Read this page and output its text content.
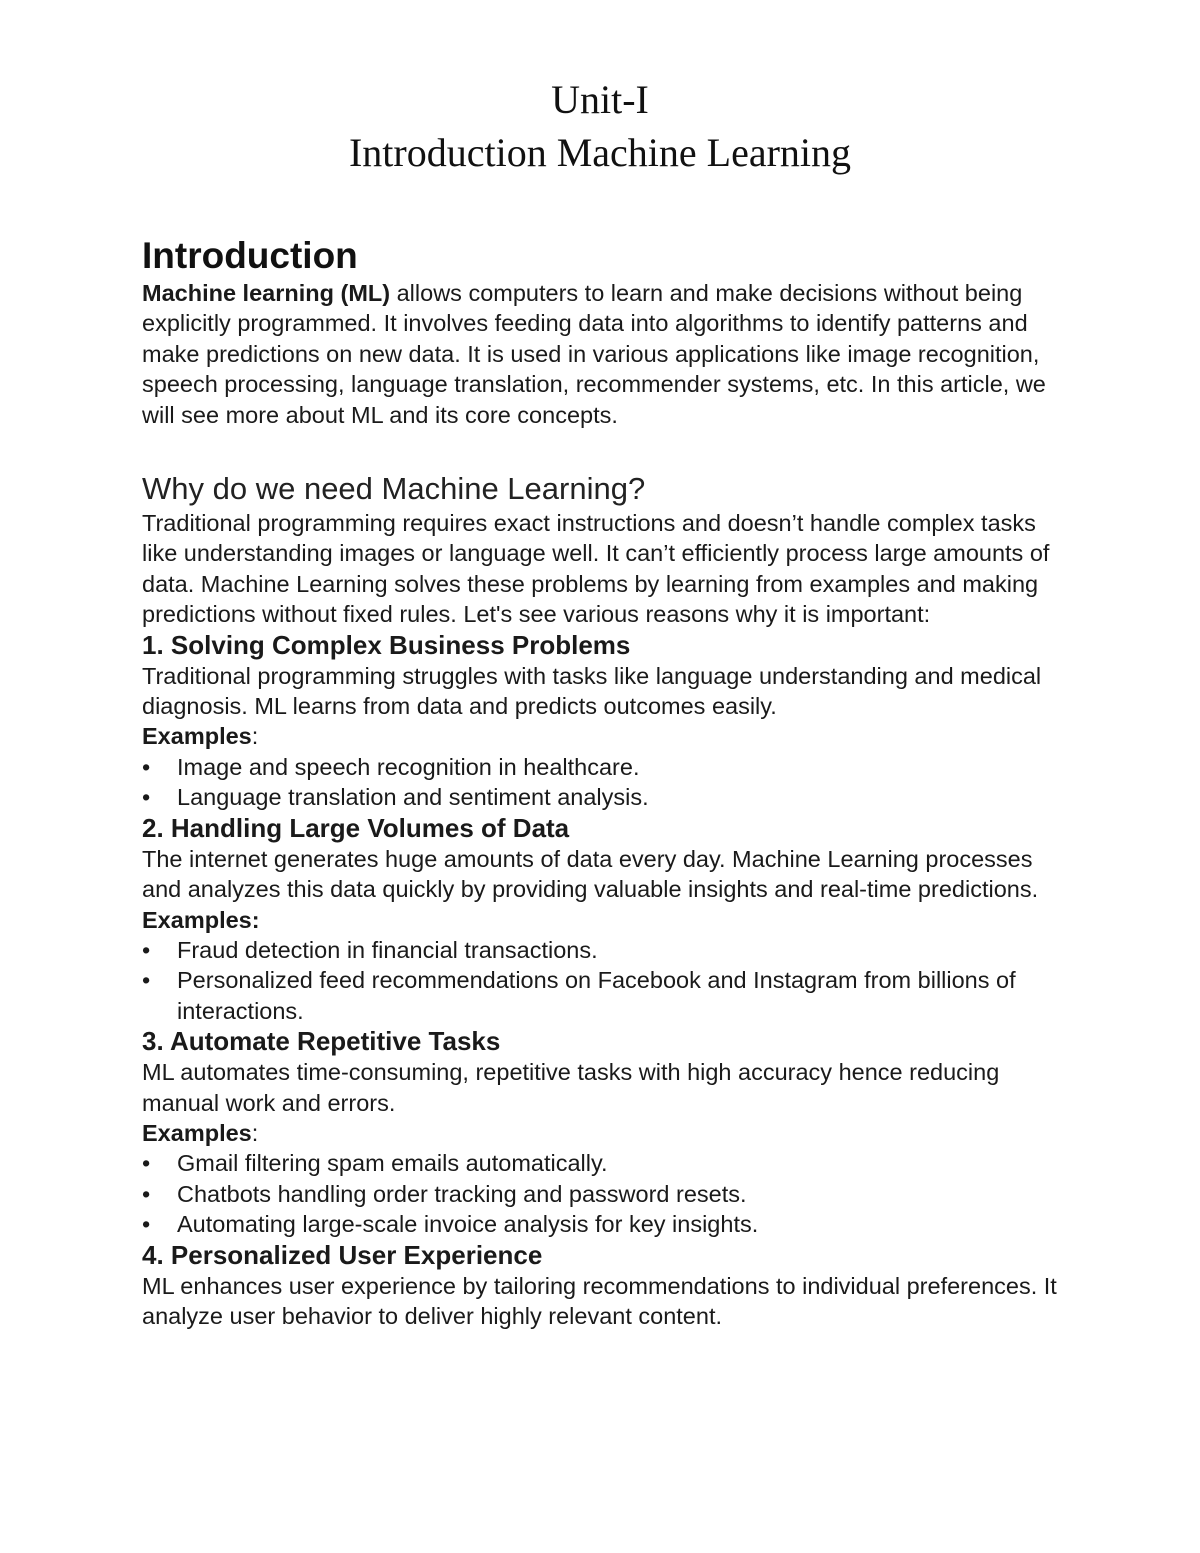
Unit-I
Introduction Machine Learning
Introduction

Machine learning (ML) allows computers to learn and make decisions without being explicitly programmed. It involves feeding data into algorithms to identify patterns and make predictions on new data. It is used in various applications like image recognition, speech processing, language translation, recommender systems, etc. In this article, we will see more about ML and its core concepts.

Why do we need Machine Learning?

Traditional programming requires exact instructions and doesn’t handle complex tasks like understanding images or language well. It can’t efficiently process large amounts of data. Machine Learning solves these problems by learning from examples and making predictions without fixed rules. Let's see various reasons why it is important:

1. Solving Complex Business Problems

Traditional programming struggles with tasks like language understanding and medical diagnosis. ML learns from data and predicts outcomes easily.

Examples:
•	Image and speech recognition in healthcare.
•	Language translation and sentiment analysis.
2. Handling Large Volumes of Data

The internet generates huge amounts of data every day. Machine Learning processes and analyzes this data quickly by providing valuable insights and real-time predictions.

Examples:
•	Fraud detection in financial transactions.
•	Personalized feed recommendations on Facebook and Instagram from billions of interactions.
3. Automate Repetitive Tasks

ML automates time-consuming, repetitive tasks with high accuracy hence reducing manual work and errors.

Examples:
•	Gmail filtering spam emails automatically.
•	Chatbots handling order tracking and password resets.
•	Automating large-scale invoice analysis for key insights.
4. Personalized User Experience

ML enhances user experience by tailoring recommendations to individual preferences. It analyze user behavior to deliver highly relevant content.
